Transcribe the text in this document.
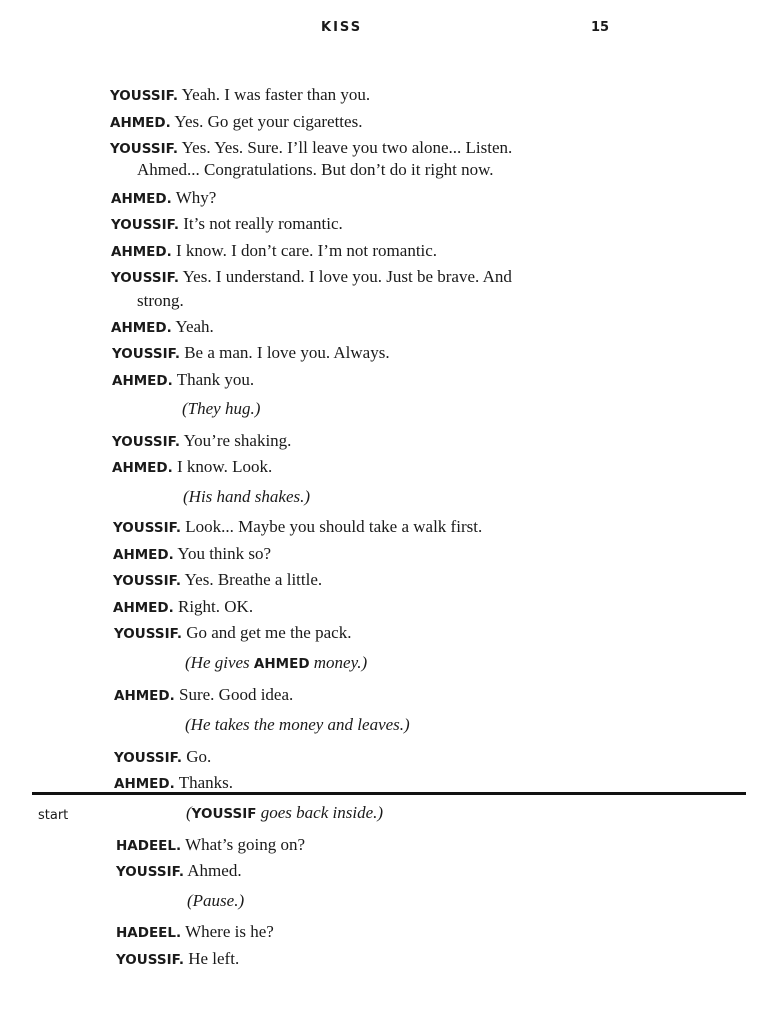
KISS	15
YOUSSIF. Yeah. I was faster than you.
AHMED. Yes. Go get your cigarettes.
YOUSSIF. Yes. Yes. Sure. I’ll leave you two alone... Listen.
Ahmed... Congratulations. But don’t do it right now.
AHMED. Why?
YOUSSIF. It’s not really romantic.
AHMED. I know. I don’t care. I’m not romantic.
YOUSSIF. Yes. I understand. I love you. Just be brave. And
strong.
AHMED. Yeah.
YOUSSIF. Be a man. I love you. Always.
AHMED. Thank you.
(They hug.)
YOUSSIF. You’re shaking.
AHMED. I know. Look.
(His hand shakes.)
YOUSSIF. Look... Maybe you should take a walk first.
AHMED. You think so?
YOUSSIF. Yes. Breathe a little.
AHMED. Right. OK.
YOUSSIF. Go and get me the pack.
(He gives AHMED money.)
AHMED. Sure. Good idea.
(He takes the money and leaves.)
YOUSSIF. Go.
AHMED. Thanks.
start	(YOUSSIF goes back inside.)
HADEEL. What’s going on?
YOUSSIF. Ahmed.
(Pause.)
HADEEL. Where is he?
YOUSSIF. He left.
